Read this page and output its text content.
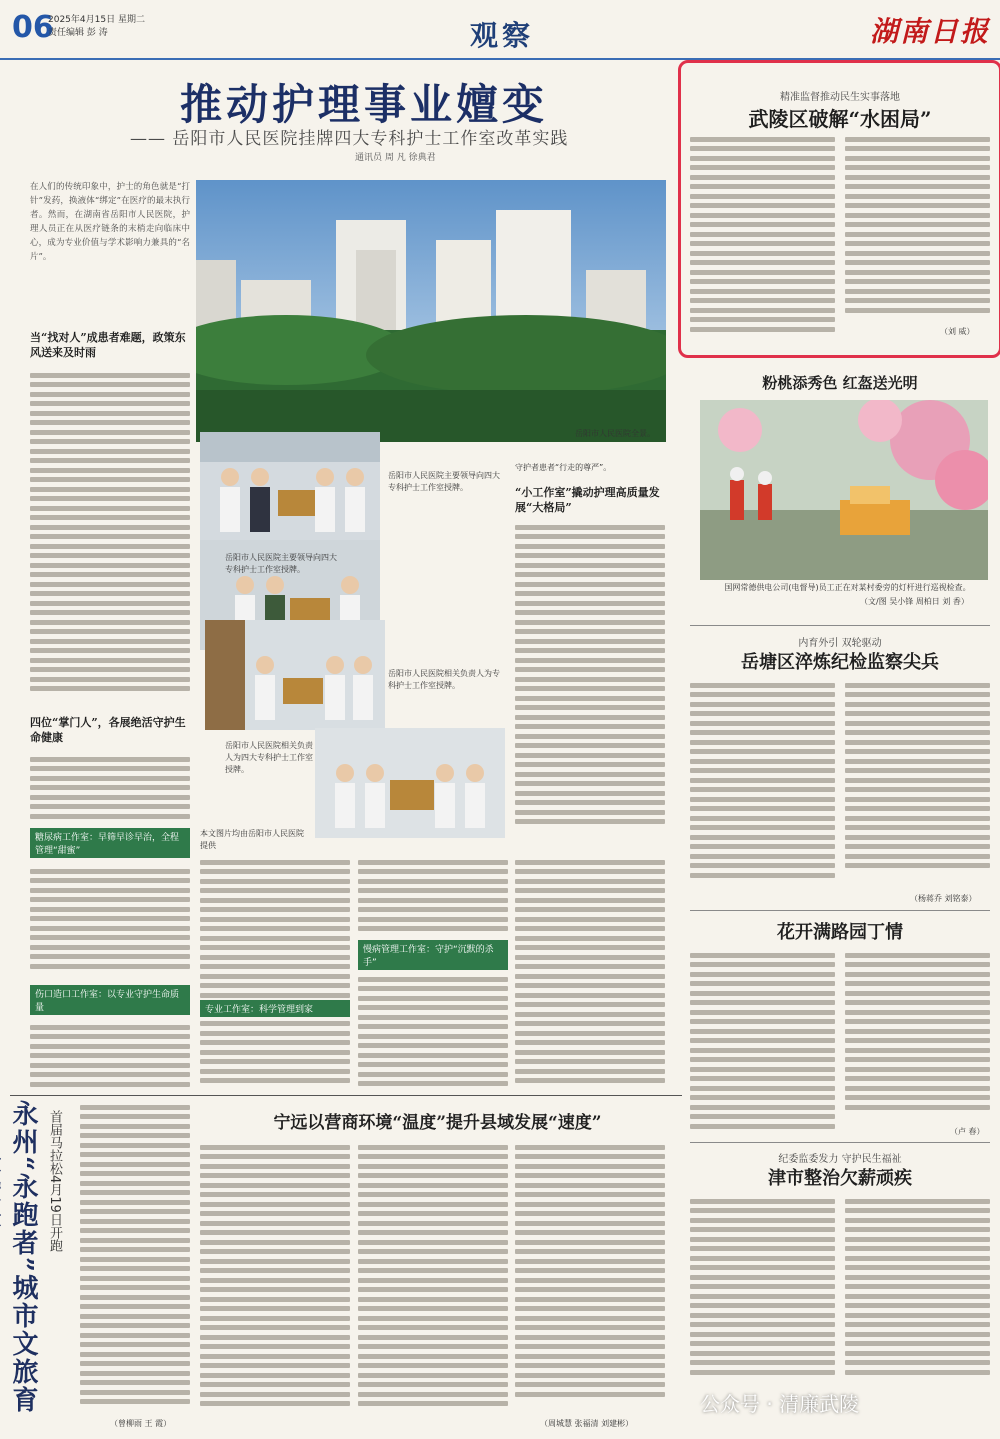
06
2025年4月15日 星期二
责任编辑 彭 涛	观察	湖南日报
推动护理事业嬗变
—— 岳阳市人民医院挂牌四大专科护士工作室改革实践
通讯员 周 凡 徐典君
在人们的传统印象中，护士的角色就是“打针”发药，换液体“绑定”在医疗的最末执行者。然而，在湖南省岳阳市人民医院，护理人员正在从医疗链条的末梢走向临床中心，成为专业价值与学术影响力兼具的“名片”。
当“找对人”成患者难题，政策东风送来及时雨
四位“掌门人”，各展绝活守护生命健康
糖尿病工作室：早筛早诊早治，全程管理“甜蜜”
伤口造口工作室：以专业守护生命质量
岳阳市人民医院全景。
岳阳市人民医院主要领导向四大专科护士工作室授牌。
岳阳市人民医院主要领导向四大专科护士工作室授牌。
岳阳市人民医院相关负责人为专科护士工作室授牌。
岳阳市人民医院相关负责人为四大专科护士工作室授牌。
本文图片均由岳阳市人民医院提供
守护者患者“行走的尊严”。
“小工作室”撬动护理高质量发展“大格局”
慢病管理工作室：守护“沉默的杀手”
专业工作室：科学管理到家
精准监督推动民生实事落地
武陵区破解“水困局”
（刘 威）
粉桃添秀色 红盔送光明
国网常德供电公司(电督导)员工正在对某村委旁的灯杆进行巡视检查。
（文/图 吴小锋 周柏日 刘 香）
内育外引 双轮驱动
岳塘区淬炼纪检监察尖兵
（杨蒋乔 刘铭泰）
花开满路园丁情
（卢 春）
纪委监委发力 守护民生福祉
津市整治欠薪顽疾
永州“永跑者”城市文旅育
首届马拉松4月19日开跑
（曾柳雨 王 霞）
宁远以营商环境“温度”提升县域发展“速度”
（周城慧 张福清 刘建彬）
公众号 · 清廉武陵
